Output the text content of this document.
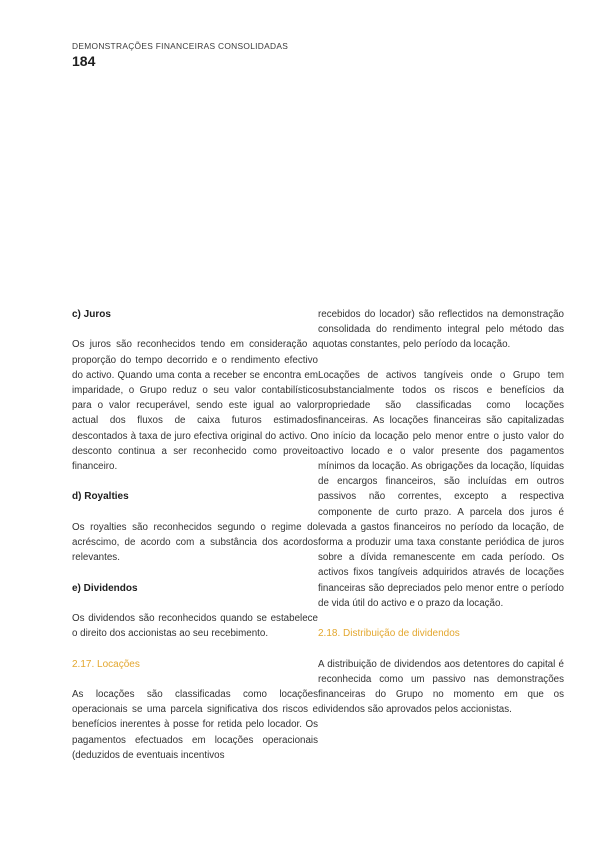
DEMONSTRAÇÕES FINANCEIRAS CONSOLIDADAS
184
c) Juros

Os juros são reconhecidos tendo em consideração a proporção do tempo decorrido e o rendimento efectivo do activo. Quando uma conta a receber se encontra em imparidade, o Grupo reduz o seu valor contabilístico para o valor recuperável, sendo este igual ao valor actual dos fluxos de caixa futuros estimados descontados à taxa de juro efectiva original do activo. O desconto continua a ser reconhecido como proveito financeiro.

d) Royalties

Os royalties são reconhecidos segundo o regime do acréscimo, de acordo com a substância dos acordos relevantes.

e) Dividendos

Os dividendos são reconhecidos quando se estabelece o direito dos accionistas ao seu recebimento.

2.17. Locações

As locações são classificadas como locações operacionais se uma parcela significativa dos riscos e benefícios inerentes à posse for retida pelo locador. Os pagamentos efectuados em locações operacionais (deduzidos de eventuais incentivos

recebidos do locador) são reflectidos na demonstração consolidada do rendimento integral pelo método das quotas constantes, pelo período da locação.

Locações de activos tangíveis onde o Grupo tem substancialmente todos os riscos e benefícios da propriedade são classificadas como locações financeiras. As locações financeiras são capitalizadas no início da locação pelo menor entre o justo valor do activo locado e o valor presente dos pagamentos mínimos da locação. As obrigações da locação, líquidas de encargos financeiros, são incluídas em outros passivos não correntes, excepto a respectiva componente de curto prazo. A parcela dos juros é levada a gastos financeiros no período da locação, de forma a produzir uma taxa constante periódica de juros sobre a dívida remanescente em cada período. Os activos fixos tangíveis adquiridos através de locações financeiras são depreciados pelo menor entre o período de vida útil do activo e o prazo da locação.

2.18. Distribuição de dividendos

A distribuição de dividendos aos detentores do capital é reconhecida como um passivo nas demonstrações financeiras do Grupo no momento em que os dividendos são aprovados pelos accionistas.
